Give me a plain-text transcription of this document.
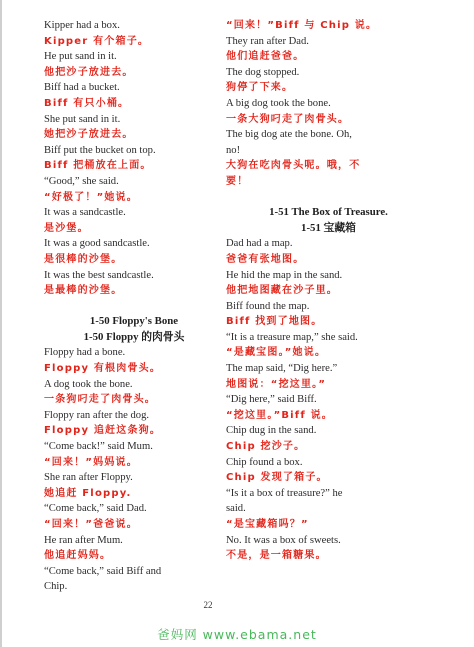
Kipper had a box.
Kipper 有个箱子。
He put sand in it.
他把沙子放进去。
Biff had a bucket.
Biff 有只小桶。
She put sand in it.
她把沙子放进去。
Biff put the bucket on top.
Biff 把桶放在上面。
“Good,” she said.
“好极了！”她说。
It was a sandcastle.
是沙堡。
It was a good sandcastle.
是很棒的沙堡。
It was the best sandcastle.
是最棒的沙堡。
1-50 Floppy's Bone
1-50 Floppy 的肉骨头
Floppy had a bone.
Floppy 有根肉骨头。
A dog took the bone.
一条狗叼走了肉骨头。
Floppy ran after the dog.
Floppy 追赶这条狗。
“Come back!” said Mum.
“回来！”妈妈说。
She ran after Floppy.
她追赶 Floppy.
“Come back,” said Dad.
“回来！”爸爸说。
He ran after Mum.
他追赶妈妈。
“Come back,” said Biff and
Chip.
“回来！”Biff 与 Chip 说。
They ran after Dad.
他们追赶爸爸。
The dog stopped.
狗停了下来。
A big dog took the bone.
一条大狗叼走了肉骨头。
The big dog ate the bone. Oh,
no!
大狗在吃肉骨头呢。哦，不
要！
1-51 The Box of Treasure.
1-51 宝藏箱
Dad had a map.
爸爸有张地图。
He hid the map in the sand.
他把地图藏在沙子里。
Biff found the map.
Biff 找到了地图。
“It is a treasure map,” she said.
“是藏宝图。”她说。
The map said, “Dig here.”
地图说：“挖这里。”
“Dig here,” said Biff.
“挖这里。”Biff 说。
Chip dug in the sand.
Chip 挖沙子。
Chip found a box.
Chip 发现了箱子。
“Is it a box of treasure?” he
said.
“是宝藏箱吗？”
No. It was a box of sweets.
不是，是一箱糖果。
22
爸妈网 www.ebama.net
